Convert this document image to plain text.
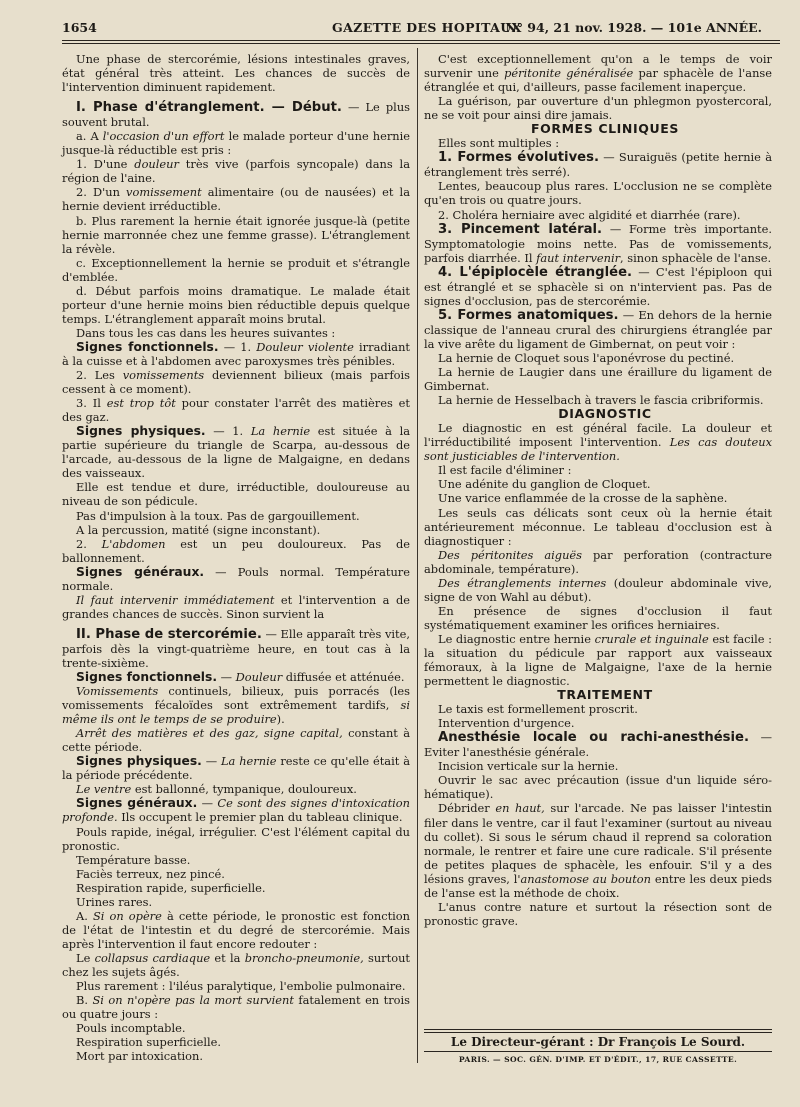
1654	GAZETTE DES HOPITAUX
N° 94, 21 nov. 1928. — 101e ANNÉE.

Une phase de stercorémie, lésions intestinales graves, état général très atteint. Les chances de succès de l'intervention diminuent rapidement.

I. Phase d'étranglement. — Début. — Le plus souvent brutal.

a. A l'occasion d'un effort le malade porteur d'une hernie jusque-là réductible est pris :

1. D'une douleur très vive (parfois syncopale) dans la région de l'aine.

2. D'un vomissement alimentaire (ou de nausées) et la hernie devient irréductible.

b. Plus rarement la hernie était ignorée jusque-là (petite hernie marronnée chez une femme grasse). L'étranglement la révèle.

c. Exceptionnellement la hernie se produit et s'étrangle d'emblée.

d. Début parfois moins dramatique. Le malade était porteur d'une hernie moins bien réductible depuis quelque temps. L'étranglement apparaît moins brutal.

Dans tous les cas dans les heures suivantes :

Signes fonctionnels. — 1. Douleur violente irradiant à la cuisse et à l'abdomen avec paroxysmes très pénibles.

2. Les vomissements deviennent bilieux (mais parfois cessent à ce moment).

3. Il est trop tôt pour constater l'arrêt des matières et des gaz.

Signes physiques. — 1. La hernie est située à la partie supérieure du triangle de Scarpa, au-dessous de l'arcade, au-dessous de la ligne de Malgaigne, en dedans des vaisseaux.

Elle est tendue et dure, irréductible, douloureuse au niveau de son pédicule.

Pas d'impulsion à la toux. Pas de gargouillement.

A la percussion, matité (signe inconstant).

2. L'abdomen est un peu douloureux. Pas de ballonnement.

Signes généraux. — Pouls normal. Température normale.

Il faut intervenir immédiatement et l'intervention a de grandes chances de succès. Sinon survient la

II. Phase de stercorémie. — Elle apparaît très vite, parfois dès la vingt-quatrième heure, en tout cas à la trente-sixième.

Signes fonctionnels. — Douleur diffusée et atténuée.

Vomissements continuels, bilieux, puis porracés (les vomissements fécaloïdes sont extrêmement tardifs, si même ils ont le temps de se produire).

Arrêt des matières et des gaz, signe capital, constant à cette période.

Signes physiques. — La hernie reste ce qu'elle était à la période précédente.

Le ventre est ballonné, tympanique, douloureux.

Signes généraux. — Ce sont des signes d'intoxication profonde. Ils occupent le premier plan du tableau clinique.

Pouls rapide, inégal, irrégulier. C'est l'élément capital du pronostic.

Température basse.

Faciès terreux, nez pincé.

Respiration rapide, superficielle.

Urines rares.

A. Si on opère à cette période, le pronostic est fonction de l'état de l'intestin et du degré de stercorémie. Mais après l'intervention il faut encore redouter :

Le collapsus cardiaque et la broncho-pneumonie, surtout chez les sujets âgés.

Plus rarement : l'iléus paralytique, l'embolie pulmonaire.

B. Si on n'opère pas la mort survient fatalement en trois ou quatre jours :

Pouls incomptable.

Respiration superficielle.

Mort par intoxication.

C'est exceptionnellement qu'on a le temps de voir survenir une péritonite généralisée par sphacèle de l'anse étranglée et qui, d'ailleurs, passe facilement inaperçue.

La guérison, par ouverture d'un phlegmon pyostercoral, ne se voit pour ainsi dire jamais.

FORMES CLINIQUES

Elles sont multiples :

1. Formes évolutives. — Suraiguës (petite hernie à étranglement très serré).

Lentes, beaucoup plus rares. L'occlusion ne se complète qu'en trois ou quatre jours.

2. Choléra herniaire avec algidité et diarrhée (rare).

3. Pincement latéral. — Forme très importante. Symptomatologie moins nette. Pas de vomissements, parfois diarrhée. Il faut intervenir, sinon sphacèle de l'anse.

4. L'épiplocèle étranglée. — C'est l'épiploon qui est étranglé et se sphacèle si on n'intervient pas. Pas de signes d'occlusion, pas de stercorémie.

5. Formes anatomiques. — En dehors de la hernie classique de l'anneau crural des chirurgiens étranglée par la vive arête du ligament de Gimbernat, on peut voir :

La hernie de Cloquet sous l'aponévrose du pectiné.

La hernie de Laugier dans une éraillure du ligament de Gimbernat.

La hernie de Hesselbach à travers le fascia cribriformis.

DIAGNOSTIC

Le diagnostic en est général facile. La douleur et l'irréductibilité imposent l'intervention. Les cas douteux sont justiciables de l'intervention.

Il est facile d'éliminer :

Une adénite du ganglion de Cloquet.

Une varice enflammée de la crosse de la saphène.

Les seuls cas délicats sont ceux où la hernie était antérieurement méconnue. Le tableau d'occlusion est à diagnostiquer :

Des péritonites aiguës par perforation (contracture abdominale, température).

Des étranglements internes (douleur abdominale vive, signe de von Wahl au début).

En présence de signes d'occlusion il faut systématiquement examiner les orifices herniaires.

Le diagnostic entre hernie crurale et inguinale est facile : la situation du pédicule par rapport aux vaisseaux fémoraux, à la ligne de Malgaigne, l'axe de la hernie permettent le diagnostic.

TRAITEMENT

Le taxis est formellement proscrit.

Intervention d'urgence.

Anesthésie locale ou rachi-anesthésie. — Eviter l'anesthésie générale.

Incision verticale sur la hernie.

Ouvrir le sac avec précaution (issue d'un liquide séro-hématique).

Débrider en haut, sur l'arcade. Ne pas laisser l'intestin filer dans le ventre, car il faut l'examiner (surtout au niveau du collet). Si sous le sérum chaud il reprend sa coloration normale, le rentrer et faire une cure radicale. S'il présente de petites plaques de sphacèle, les enfouir. S'il y a des lésions graves, l'anastomose au bouton entre les deux pieds de l'anse est la méthode de choix.

L'anus contre nature et surtout la résection sont de pronostic grave.

Le Directeur-gérant : Dr François Le Sourd.
PARIS. — SOC. GÉN. D'IMP. ET D'ÉDIT., 17, RUE CASSETTE.
